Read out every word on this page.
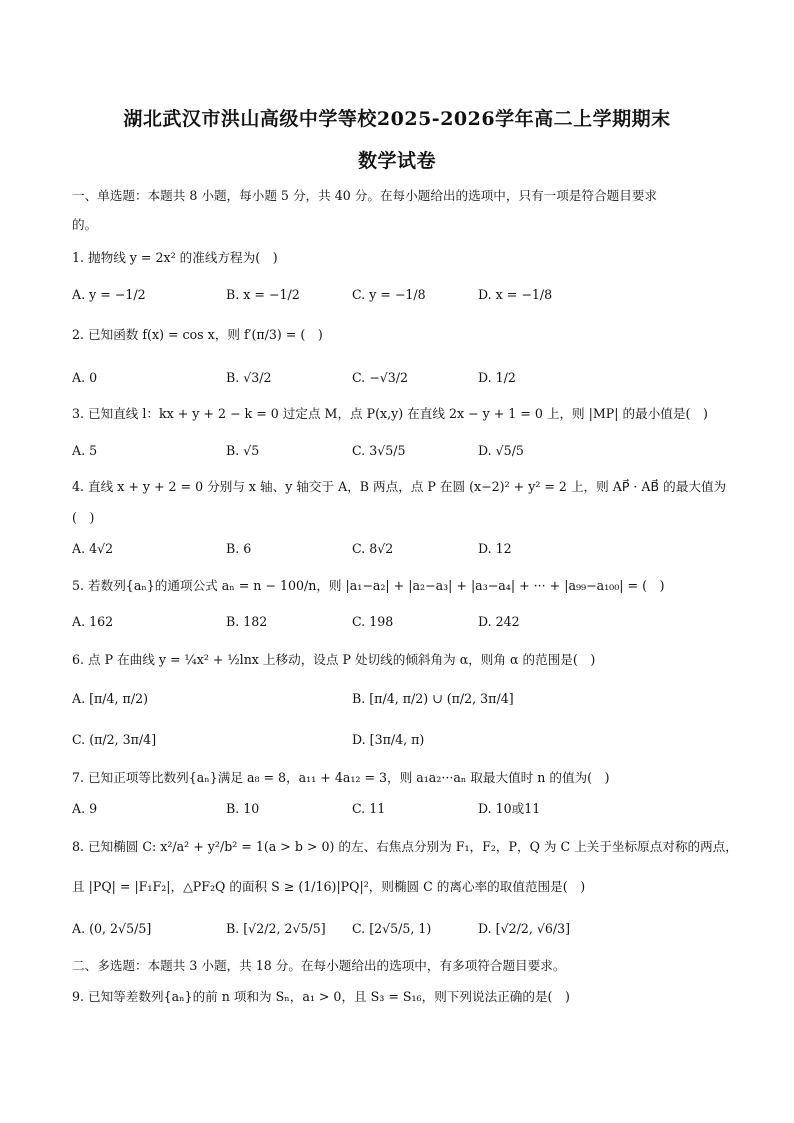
湖北武汉市洪山高级中学等校2025-2026学年高二上学期期末
数学试卷
一、单选题：本题共 8 小题，每小题 5 分，共 40 分。在每小题给出的选项中，只有一项是符合题目要求
的。
1. 抛物线 y = 2x² 的准线方程为(　)
A. y = −1/2	B. x = −1/2	C. y = −1/8	D. x = −1/8
2. 已知函数 f(x) = cos x，则 f′(π/3) = (　)
A. 0	B. √3/2	C. −√3/2	D. 1/2
3. 已知直线 l：kx + y + 2 − k = 0 过定点 M，点 P(x,y) 在直线 2x − y + 1 = 0 上，则 |MP| 的最小值是(　)
A. 5	B. √5	C. 3√5/5	D. √5/5
4. 直线 x + y + 2 = 0 分别与 x 轴、y 轴交于 A，B 两点，点 P 在圆 (x−2)² + y² = 2 上，则 AP⃗ · AB⃗ 的最大值为
(　)
A. 4√2	B. 6	C. 8√2	D. 12
5. 若数列{aₙ}的通项公式 aₙ = n − 100/n，则 |a₁−a₂| + |a₂−a₃| + |a₃−a₄| + ··· + |a₉₉−a₁₀₀| = (　)
A. 162	B. 182	C. 198	D. 242
6. 点 P 在曲线 y = ¼x² + ½lnx 上移动，设点 P 处切线的倾斜角为 α，则角 α 的范围是(　)
A. [π/4, π/2)	B. [π/4, π/2) ∪ (π/2, 3π/4]
C. (π/2, 3π/4]	D. [3π/4, π)
7. 已知正项等比数列{aₙ}满足 a₈ = 8，a₁₁ + 4a₁₂ = 3，则 a₁a₂···aₙ 取最大值时 n 的值为(　)
A. 9	B. 10	C. 11	D. 10或11
8. 已知椭圆 C: x²/a² + y²/b² = 1(a > b > 0) 的左、右焦点分别为 F₁，F₂，P，Q 为 C 上关于坐标原点对称的两点，
且 |PQ| = |F₁F₂|，△PF₂Q 的面积 S ≥ (1/16)|PQ|²，则椭圆 C 的离心率的取值范围是(　)
A. (0, 2√5/5]	B. [√2/2, 2√5/5] C. [2√5/5, 1)	D. [√2/2, √6/3]
二、多选题：本题共 3 小题，共 18 分。在每小题给出的选项中，有多项符合题目要求。
9. 已知等差数列{aₙ}的前 n 项和为 Sₙ，a₁ > 0，且 S₃ = S₁₆，则下列说法正确的是(　)
